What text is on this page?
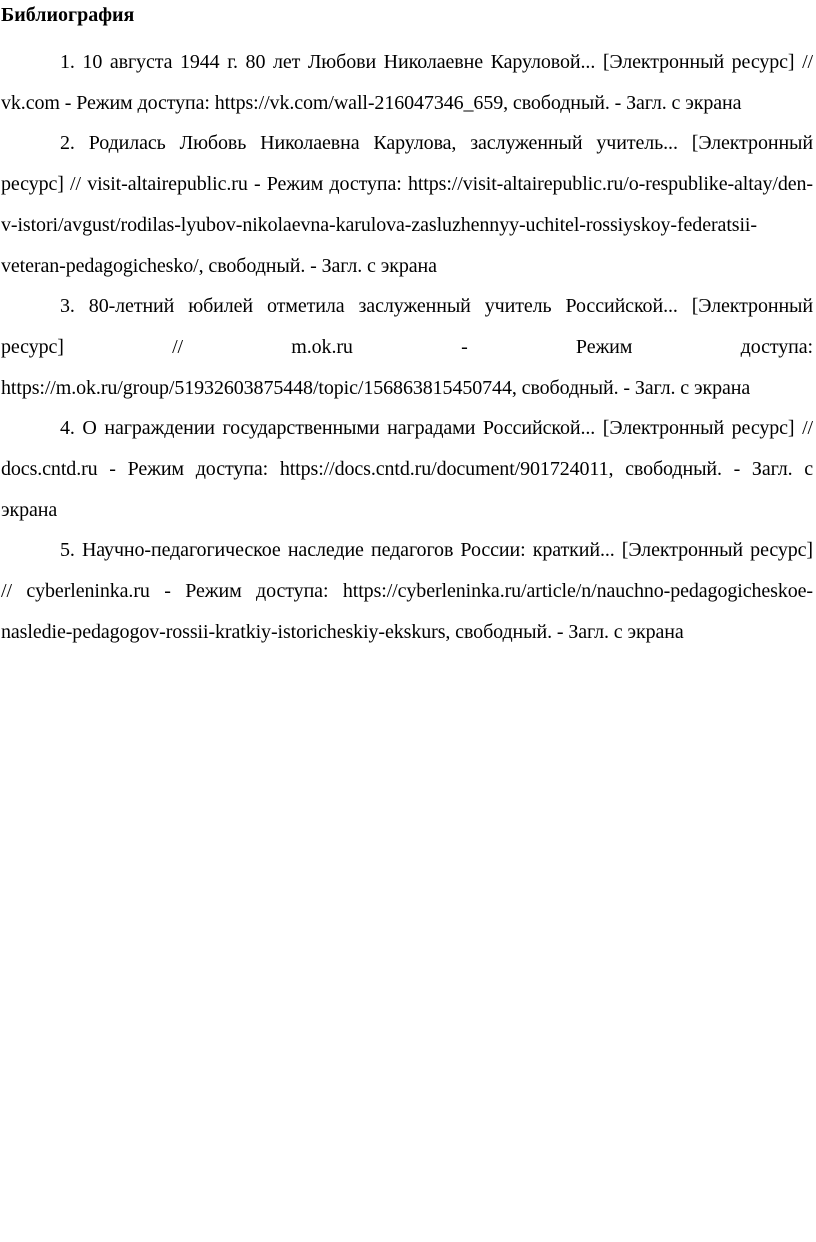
Библиография

1. 10 августа 1944 г. 80 лет Любови Николаевне Каруловой... [Электронный ресурс] // vk.com - Режим доступа: https://vk.com/wall-216047346_659, свободный. - Загл. с экрана

2. Родилась Любовь Николаевна Карулова, заслуженный учитель... [Электронный ресурс] // visit-altairepublic.ru - Режим доступа: https://visit-altairepublic.ru/o-respublike-altay/den-v-istori/avgust/rodilas-lyubov-nikolaevna-karulova-zasluzhennyy-uchitel-rossiyskoy-federatsii-veteran-pedagogichesko/, свободный. - Загл. с экрана

3. 80-летний юбилей отметила заслуженный учитель Российской... [Электронный ресурс] // m.ok.ru - Режим доступа: https://m.ok.ru/group/51932603875448/topic/156863815450744, свободный. - Загл. с экрана

4. О награждении государственными наградами Российской... [Электронный ресурс] // docs.cntd.ru - Режим доступа: https://docs.cntd.ru/document/901724011, свободный. - Загл. с экрана

5. Научно-педагогическое наследие педагогов России: краткий... [Электронный ресурс] // cyberleninka.ru - Режим доступа: https://cyberleninka.ru/article/n/nauchno-pedagogicheskoe-nasledie-pedagogov-rossii-kratkiy-istoricheskiy-ekskurs, свободный. - Загл. с экрана
